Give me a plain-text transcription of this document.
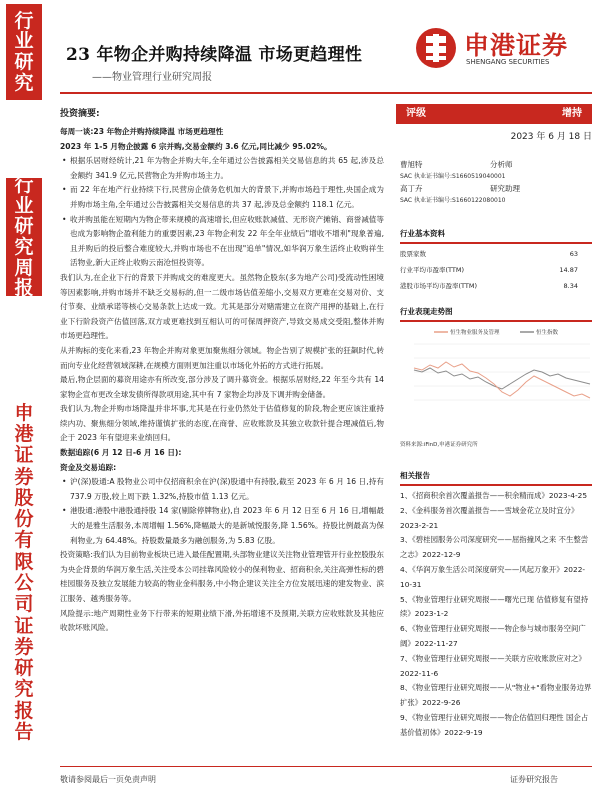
行
业
研
究
行
业
研
究
周
报
申
港
证
券
股
份
有
限
公
司
证
券
研
究
报
告
23 年物企并购持续降温 市场更趋理性
——物业管理行业研究周报
申港证券
SHENGANG SECURITIES
投资摘要:
每周一谈:23 年物企并购持续降温 市场更趋理性
2023 年 1-5 月物企披露 6 宗并购,交易金额约 3.6 亿元,同比减少 95.02%。
• 根据乐居财经统计,21 年为物企并购大年,全年通过公告披露相关交易信息的共 65 起,涉及总金额约 341.9 亿元,民营物企为并购市场主力。
• 而 22 年在地产行业持续下行,民营房企债务危机加大的背景下,并购市场趋于理性,央国企成为并购市场主角,全年通过公告披露相关交易信息的共 37 起,涉及总金额约 118.1 亿元。
• 收并购虽能在短期内为物企带来规模的高速增长,但应收账款减值、无形资产摊销、商誉减值等也成为影响物企盈利能力的重要因素,23 年物企利发 22 年全年业绩后"增收不增利"现象普遍,且并购后的投后整合难度较大,并购市场也不在出现"追单"情况,如华润万象生活终止收购祥生活物业,新大正终止收购云南沧恒投资等。
我们认为,在企业下行的背景下并购成交的难度更大。虽然物企股东(多为地产公司)受流动性困境等因素影响,并购市场并不缺乏交易标的,但一二级市场估值差缩小,交易双方更难在交易对价、支付节奏、业绩承诺等核心交易条款上达成一致。尤其是部分对赌需建立在资产用押的基础上,在行业下行阶段资产估值回落,双方或更难找到互相认可的可保周押资产,导致交易成交受阻,整体并购市场更趋理性。
从并购标的变化来看,23 年物企并购对象更加聚焦细分领域。物企告别了规模扩张的狂飙时代,转而向专业化经营领域深耕,在规模方面则更加注重以市场化外拓的方式进行拓展。
最后,物企层面的募资用途亦有所改变,部分涉及了调升募资金。根据乐居财经,22 年至今共有 14 家物企宣布更改全球发债所得款项用途,其中有 7 家物企均涉及下调并购金储备。
我们认为,物企并购市场降温并非坏事,尤其是在行业仍然处于估值修复的阶段,物企更应该注重持续内功、聚焦细分领域,维持谨慎扩张的态度,在商誉、应收账款及其独立收款针提合理减值后,物企于 2023 年有望迎来业绩回归。
数据追踪(6 月 12 日-6 月 16 日):
资金及交易追踪:
• 沪(深)股通:A 股物业公司中仅招商积余在沪(深)股通中有持股,截至 2023 年 6 月 16 日,持有 737.9 万股,较上周下跌 1.32%,持股市值 1.13 亿元。
• 港股通:港股中港股通持股 14 家(剔除停牌物业),自 2023 年 6 月 12 日至 6 月 16 日,增幅最大的是雅生活服务,本周增幅 1.56%,降幅最大的是新城悦服务,降 1.56%。持股比例最高为保利物业,为 64.48%。持股数量最多为融创服务,为 5.83 亿股。
投资策略:我们认为目前物业板块已进入最佳配置期,头部物业建议关注物业管理管开行业控股股东为央企背景的华润万象生活,关注受本公司挂靠风险较小的保利物业、招商积余,关注高弹性标的碧桂园服务及独立发展能力较高的物业金科服务,中小物企建议关注全方位发展迅速的建发物业、滨江服务、越秀服务等。
风险提示:地产周期性业务下行带来的短期业绩下滑,外拓增速不及预期,关联方应收账款及其他应收款坏账风险。
评级	增持
2023 年 6 月 18 日
曹旭特	分析师
SAC 执业证书编号:S1660519040001
高丁卉	研究助理
SAC 执业证书编号:S1660122080010
行业基本资料
股票家数	63
行业平均市盈率(TTM)	14.87
港股市场平均市盈率(TTM)	8.34
行业表现走势图
恒生物业服务及管理	恒生指数
资料来源:iFinD,申港证券研究所
相关报告
1、《招商积余首次覆盖报告——积余精而成》2023-4-25
2、《金科服务首次覆盖报告——雪域金花立及时宜分》2023-2-21
3、《碧桂园服务公司深度研究——屈指撞风之来 不生整尝之志》2022-12-9
4、《华润万象生活公司深度研究——风起万象开》2022-10-31
5、《物业管理行业研究周报——曙光已现 估值修复有望持续》2023-1-2
6、《物业管理行业研究周报——物企参与城市服务空间广阔》2022-11-27
7、《物业管理行业研究周报——关联方应收账款应对之》2022-11-6
8、《物业管理行业研究周报——从"物业+"看物业服务边界扩张》2022-9-26
9、《物业管理行业研究周报——物企估值回归理性 国企占基价值初体》2022-9-19
敬请参阅最后一页免责声明	证券研究报告
